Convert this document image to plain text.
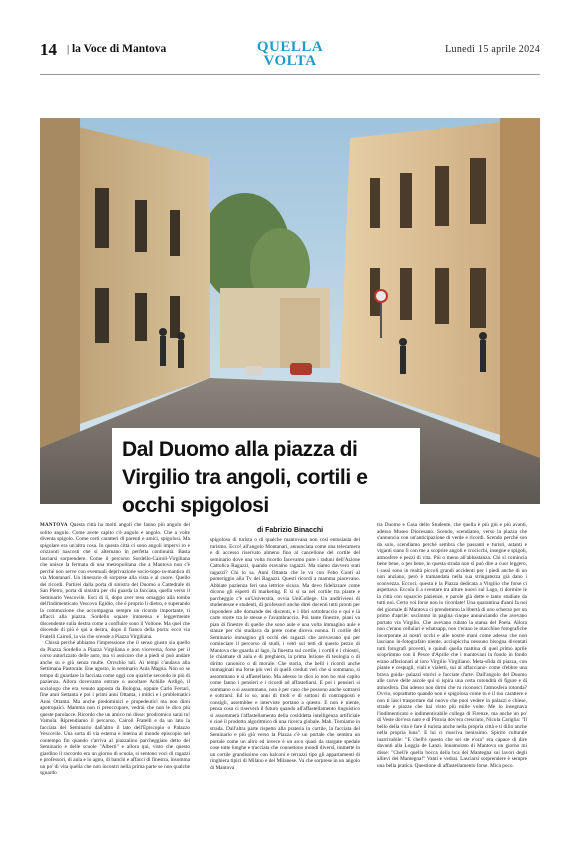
14 | la Voce di Mantova	QUELLA
VOLTA
Lunedì 15 aprile 2024
Dal Duomo alla piazza di Virgilio tra angoli, cortili e occhi spigolosi
di Fabrizio Binacchi

MANTOVA Questa città ha molti angoli che fanno più angolo del solito angolo. Come avete capito c'è angolo e angolo. Che a volte diventa spigolo. Come certi caratteri di parenti e amici, spigolosi. Ma spigolare era un'altra cosa. In questa città ci sono angoli impervi ro e orizzonti nascosti che si alternano in perfetta continuità. Basta lasciarsi sorprendere. Come il percorso Sordello-Cairoli-Virgiliana che unisce la fermata di una metropolitana che a Mantova non c'è perché non serve con eventuali deprivazione socio-topo-ra-mantica di via Montanari. Un itinerario di sorprese alla vista e al cuore. Quello dei ricordi. Partirei dalla porta di sinistra del Duomo o Cattedrale di San Pietro, porta di sinistra per chi guarda la facciata, quella verso il Seminario Vescovile. Esci di lì, dopo aver reso omaggio alla tomba dell'indimenticato Vescovo Egidio, che è proprio lì dietro, e superando la commozione che accompagna sempre un ricordo importante, ti affacci alla piazza. Sordello square immensa e leggermente discendente sulla destra come a confluire sono il Voltone. Ma quel che discende di più è qui a destra, dopo il fianco della porta: ecco via Fratelli Cairoli, la via che scende a Piazza Virgiliana.

Chissà perché abbiamo l'impressione che il senso giusto sia quello da Piazza Sordello a Piazza Virgiliana e non viceversa, forse per il corso autorizzato delle auto, ma vi assicuro che a piedi si può andare anche su e giù senza multe. Orrschio tali. Ai tempi c'andava alla Settimana Pastorale. Ene agosto, in seminario Aula Magna. Non so se tempo di guardare la facciata come oggi con qualche secondo in più di pazienza. Allora dovevamo entrare o ascoltare Achille Ardigò, il sociologo che era venuto apposta da Bologna, oppure Carlo Ferrari, fine anni Settanta e poi i primi anni Ottanta, i mitici e i problematici Anni Ottanta. Ma anche predominici e propedeutici ma non direi apotropaici. Mamma non ti preoccupare, vedrai che non le dico più queste parolacce. Ricordo che un amico mi disse: prodromico sarai tu! Vamolà. Riprendiamo il percorso. Cairoli Fratelli e da un lato la facciata del Seminario dall'altro il lato dell'Episcopio o Palazzo Vescovile. Una sorta di via esterna e interna al mondo episcopio nel contempo fin quando c'arriva al piazzalino parcheggiato detto del Seminario e delle scuole "Alberti" e allora qui, visto che questo giardino il raccordo era un giorno di scuola, si sentono voci di ragazzi e professori, di aula e lo agnu, di banchi e affacci di finestra, insomma un po' di vita quella che non incontri nella prima parte se non qualche sguardo

spigoloso di turista o di qualche mantovana non così entusiasta del turismo. Ecco! all'angolo Montanari, annunciata come una telecamera e di accesso riservato almeno fino al cancellone del cortile del seminario dove una volta ricordo facevamo pure i raduni dell'Azione Cattolica Ragazzi, quando eravamo ragazzi. Ma siamo davvero stati ragazzi? Chi lo sa. Anni Ottanta che le va con Febo Conti al pomeriggio alla Tv dei Ragazzi. Questi ricordi a mamma piacevano. Abbiate pazienza ferì una lettrice sicura. Ma devo fidelizzare come dicono gli esperti di marketing. E sì si sa nel cortile tra piante e parcheggio c'è un'Università, ovvia UniCollege. Un andirivieni di studentesse e studenti, di professori anche direi docenti tutti pronti per rispondere alle domande dei discenti, e i libri sottobraccio e qui e là carte storte tra le stesse e l'avambraccio. Poi tante finestre, piani va pian di finestre di quelle che sono aule e una volta immagino aule e stanze per chi studiava da prete come diceva nonna. Il cortile del Seminario immagino gli occhi dei ragazzi che arrivavano qui per cominciare il percorso di studi, i vetri sui tetti di questo pezzo di Mantova che guarda al lago, la finestra sul cortile, i cortili e i chiostri, le chiamate di aula e di preghiera, la prima lezione di teologia o di diritto canonico o di morale. Che storia, che belli i ricordi anche immaginati ma forse più veri di quelli creduti veri che si sommano, si assommano e si affastellano. Ma adesso lo dico io non ho mai capito come fanno i pensieri e i ricordi ad affastellarsi. E poi i pensieri si sommano o si assommano, non è per caso che possono anche sottrarsi e sottrarsi. Ed io so, anni di titoli e di sottoni di contrapposti e consigli, assemblee e interviste portano a questo. E non è niente, pensa cosa ci riserverà il futuro quando all'affastellamento linguistico si assommerà l'affastellamento della cosiddetta intelligenza artificiale e cioè il prodotto algoritmico di una ricerca globale. Mah. Torniamo in strada. Dall'altra parte rispetto alla prateria in cortile, la facciata del Seminario e più giù verso la Piazza c'è un portale che sembra un portale come un altro ed invece è un arco quasi da stargate spedale cose tutte lunghe e tracciata che connettono mondi diversi, immette in un cortile grandissimo con balconi e terrazzi tipo gli appartamenti di ringhiera tipici di Milano e del Milanese. Va che sorprese in un angolo di Mantova

tra Duomo e Casa dello Studente, che quella è più giù e più avanti, adesso Museo Diocesano. Scendo, scendiamo, verso la piazza che s'annuncia con un'anticipazione di verde e ricordi. Scendo perché son da solo, scendiamo perché sembra che passanti e turisti, astanti e viganti siano lì con me a scoprire angoli e crocicchi, insegne e spigoli, atmosfere e pezzi di vita. Più o meno all'abbastanza. Chi si comincia bene bene, o per bene, in questa strada non si può dire a cuor leggero, i sassi sono in realtà piccoli grandi accidenti per i piedi anche di un non anziano, però è tramandata nella sua stringatezza già dano i sconvezza. Eccoci, questa è la Piazza dedicata a Virgilio che forse ci aspettava. Eccola lì a sventare tra alture nuovi sul Lago, ti dormire le la città con squarcio pazienze, e parole già dette e tanto studiate da tutti noi. Certo voi forse non lo ricordate! Una quarantina d'anni fa noi del giornale di Mantova ci prendemmo la libertà di uno scherzo per un primo d'aprile: uscimmo in pagina cinque annunciando che avevano portato via Virgilio. Che avevano rubato la statua del Poeta. Allora non c'erano cellulari e whatsapp, non c'erano le macchine fotografiche incorporate ai nostri occhi e alle nostre mani come adesso che non lasciano in-fotografato niente, acciupiccha nessuno bisogna diventati tutti fotografi provetti, e quindi quella mattina di quel primo aprile scoprimmo con il Pesce d'Aprile che i mantovani in fondo in fondo erano affezionati al loro Virgilio Virgiliano. Meta-sfida di piazza, con piante e cespugli, viali e vialetti, sui al affacciano- come d'ebbre una brava guida- palazzi storici e facciate d'arte. Dall'angolo del Duomo alle curve delle ascole qui si ispira una certa rotondità di figure e di atmosfera. Dai adesso non dirmi che ru riconosci l'atmosfera rotonda? Ovvio, soprattutto quando non è spigolosa come tu e il tuo carattere e non ti lasci trasportare dal nuovo che puoi vedere in palazzi e chiese, strade e piazze che hai visto più mille volte. Me lo insegnava l'indimenticato e indimenticabile collega di Firenze, ma anche un po' di Veste dov'era nato e di Pistoia dov'era cresciuto, Nicola Cariglia: "Il bello della vita è fare il turista anche nella propria città e ti dilio anche nella propria luna". E lui ci riusciva benissimo. Spirito culturale inarrivabile: "E chell'è questo che sei ste e'ora" era capace di dire davanti alla Loggia de Lanzi. Innamorato di Mantova un giorno mi disse: "Chell'è quella bocca della bca del Mantegna sui lavori degli allievi del Mantegna!" Vanti e vedrai. Lasciarsi sorprendere è sempre una bella pratica. Questione di affastellamento forse. Mica poco.
